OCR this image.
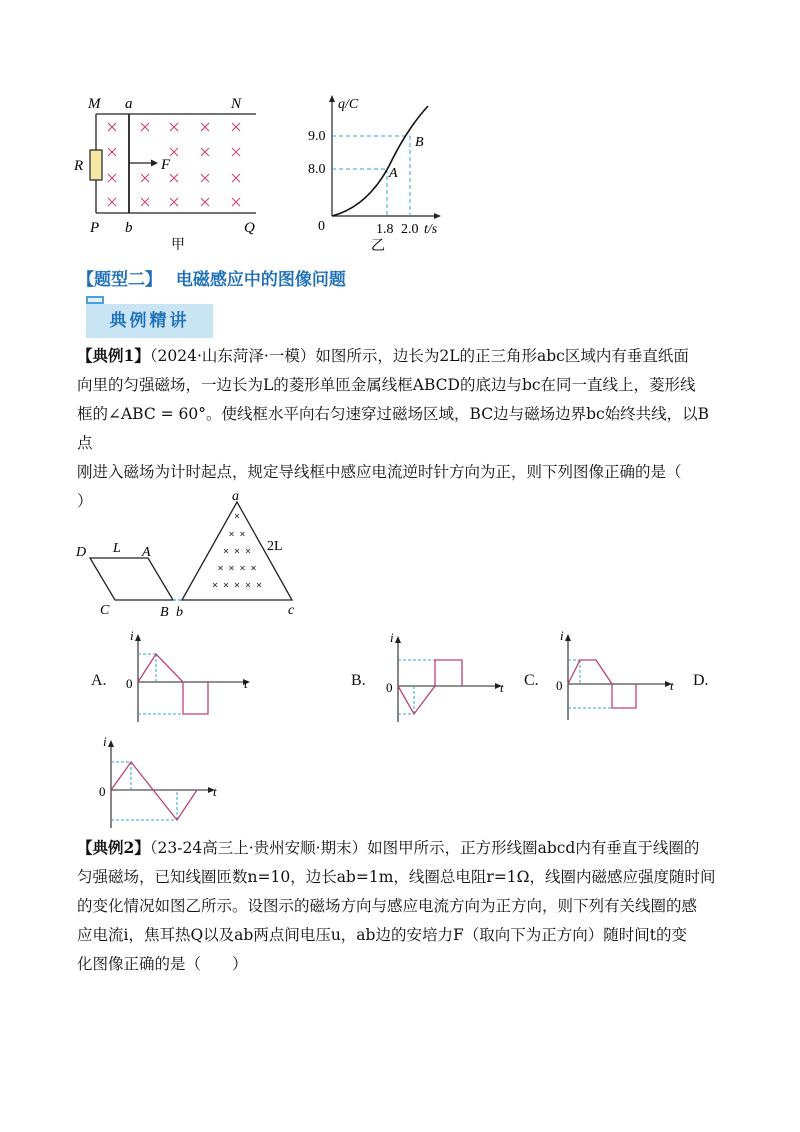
M a	N
R	F
P b	Q
甲
q/C
9.0
8.0
0	1.8 2.0 t/s
A
B
乙
【题型二】 电磁感应中的图像问题
典例精讲
【典例1】（2024·山东菏泽·一模）如图所示，边长为2L的正三角形abc区域内有垂直纸面
向里的匀强磁场，一边长为L的菱形单匝金属线框ABCD的底边与bc在同一直线上，菱形线
框的∠ABC = 60°。使线框水平向右匀速穿过磁场区域，BC边与磁场边界bc始终共线，以B点
刚进入磁场为计时起点，规定导线框中感应电流逆时针方向为正，则下列图像正确的是（
）
D L A
C	B
a
b	c
2L
A.
i
t
0	B.
i
t
0	C.
i
t
0	D.
i
t
0
【典例2】（23-24高三上·贵州安顺·期末）如图甲所示，正方形线圈abcd内有垂直于线圈的
匀强磁场，已知线圈匝数n=10，边长ab=1m，线圈总电阻r=1Ω，线圈内磁感应强度随时间
的变化情况如图乙所示。设图示的磁场方向与感应电流方向为正方向，则下列有关线圈的感
应电流i，焦耳热Q以及ab两点间电压u，ab边的安培力F（取向下为正方向）随时间t的变
化图像正确的是（　　）
